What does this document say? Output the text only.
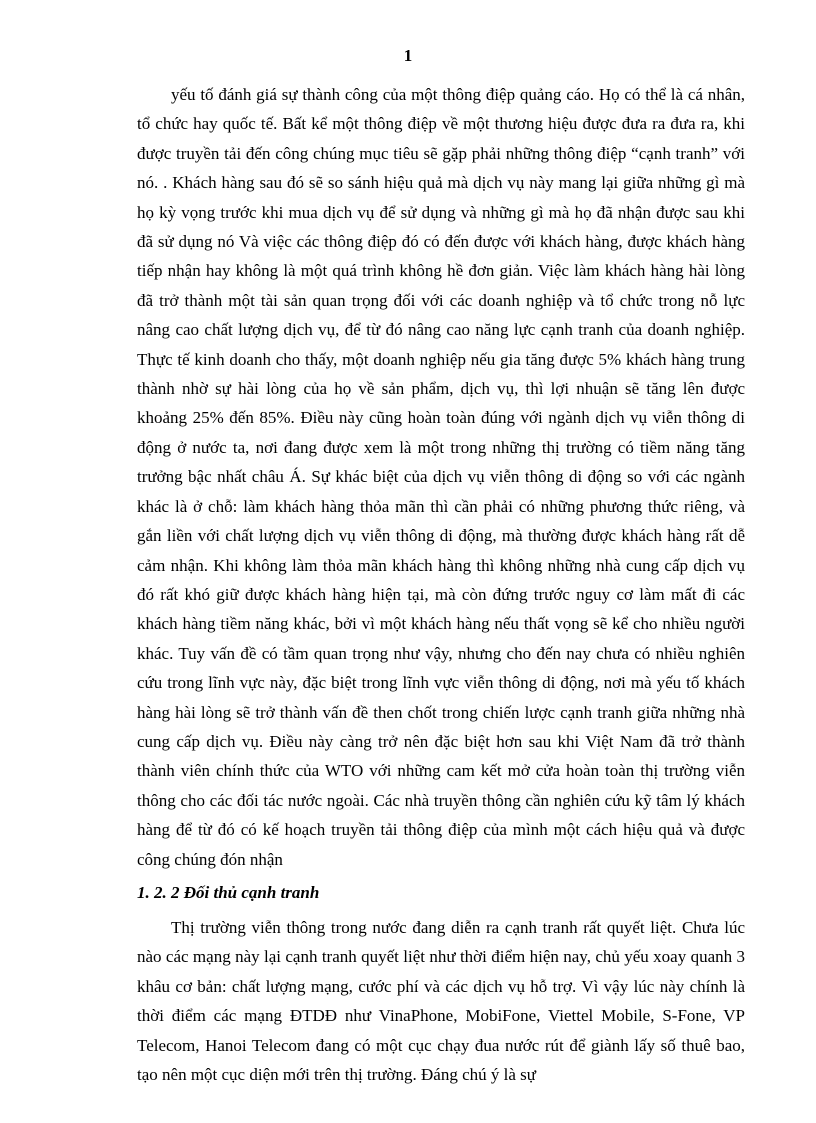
1

yếu tố đánh giá sự thành công của một thông điệp quảng cáo. Họ có thể là cá nhân, tổ chức hay quốc tế. Bất kể một thông điệp về một thương hiệu được đưa ra đưa ra, khi được truyền tải đến công chúng mục tiêu sẽ gặp phải những thông điệp “cạnh tranh” với nó. . Khách hàng sau đó sẽ so sánh hiệu quả mà dịch vụ này mang lại giữa những gì mà họ kỳ vọng trước khi mua dịch vụ để sử dụng và những gì mà họ đã nhận được sau khi đã sử dụng nó Và việc các thông điệp đó có đến được với khách hàng, được khách hàng tiếp nhận hay không là một quá trình không hề đơn giản. Việc làm khách hàng hài lòng đã trở thành một tài sản quan trọng đối với các doanh nghiệp và tổ chức trong nỗ lực nâng cao chất lượng dịch vụ, để từ đó nâng cao năng lực cạnh tranh của doanh nghiệp. Thực tế kinh doanh cho thấy, một doanh nghiệp nếu gia tăng được 5% khách hàng trung thành nhờ sự hài lòng của họ về sản phẩm, dịch vụ, thì lợi nhuận sẽ tăng lên được khoảng 25% đến 85%. Điều này cũng hoàn toàn đúng với ngành dịch vụ viễn thông di động ở nước ta, nơi đang được xem là một trong những thị trường có tiềm năng tăng trưởng bậc nhất châu Á. Sự khác biệt của dịch vụ viễn thông di động so với các ngành khác là ở chỗ: làm khách hàng thỏa mãn thì cần phải có những phương thức riêng, và gắn liền với chất lượng dịch vụ viễn thông di động, mà thường được khách hàng rất dễ cảm nhận. Khi không làm thỏa mãn khách hàng thì không những nhà cung cấp dịch vụ đó rất khó giữ được khách hàng hiện tại, mà còn đứng trước nguy cơ làm mất đi các khách hàng tiềm năng khác, bởi vì một khách hàng nếu thất vọng sẽ kể cho nhiều người khác. Tuy vấn đề có tầm quan trọng như vậy, nhưng cho đến nay chưa có nhiều nghiên cứu trong lĩnh vực này, đặc biệt trong lĩnh vực viễn thông di động, nơi mà yếu tố khách hàng hài lòng sẽ trở thành vấn đề then chốt trong chiến lược cạnh tranh giữa những nhà cung cấp dịch vụ. Điều này càng trở nên đặc biệt hơn sau khi Việt Nam đã trở thành thành viên chính thức của WTO với những cam kết mở cửa hoàn toàn thị trường viễn thông cho các đối tác nước ngoài. Các nhà truyền thông cần nghiên cứu kỹ tâm lý khách hàng để từ đó có kế hoạch truyền tải thông điệp của mình một cách hiệu quả và được công chúng đón nhận

1. 2. 2 Đối thủ cạnh tranh

Thị trường viễn thông trong nước đang diễn ra cạnh tranh rất quyết liệt. Chưa lúc nào các mạng này lại cạnh tranh quyết liệt như thời điểm hiện nay, chủ yếu xoay quanh 3 khâu cơ bản: chất lượng mạng, cước phí và các dịch vụ hỗ trợ. Vì vậy lúc này chính là thời điểm các mạng ĐTDĐ như VinaPhone, MobiFone, Viettel Mobile, S-Fone, VP Telecom, Hanoi Telecom đang có một cục chạy đua nước rút để giành lấy số thuê bao, tạo nên một cục diện mới trên thị trường. Đáng chú ý là sự
